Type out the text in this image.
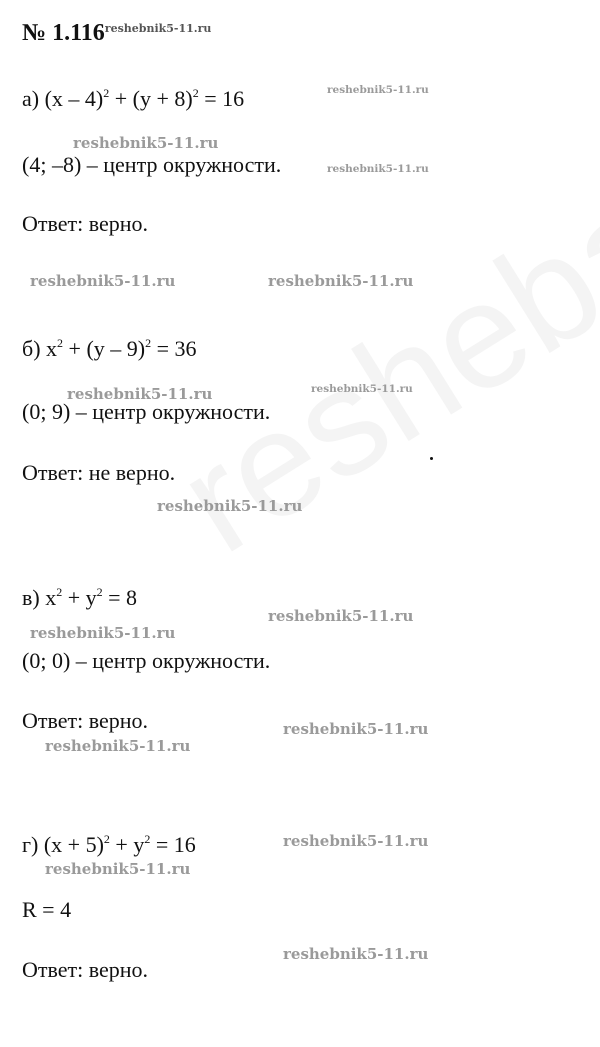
№ $1.116^{reshebnik5-11.ru}$
а) $(x - 4)^2 + (y + 8)^2 = 16$
(4; –8) – центр окружности.
Ответ: верно.
б) $x^2 + (y - 9)^2 = 36$
(0; 9) – центр окружности.
Ответ: не верно.
в) $x^2 + y^2 = 8$
(0; 0) – центр окружности.
Ответ: верно.
г) $(x + 5)^2 + y^2 = 16$
R = 4
Ответ: верно.
reshebnik5-11.ru
reshebnik5-11.ru
reshebnik5-11.ru
reshebnik5-11.ru	reshebnik5-11.ru
reshebnik5-11.ru	reshebnik5-11.ru
reshebnik5-11.ru
reshebnik5-11.ru
reshebnik5-11.ru
reshebnik5-11.ru
reshebnik5-11.ru
reshebnik5-11.ru
reshebnik5-11.ru
reshebnik5-11.ru
